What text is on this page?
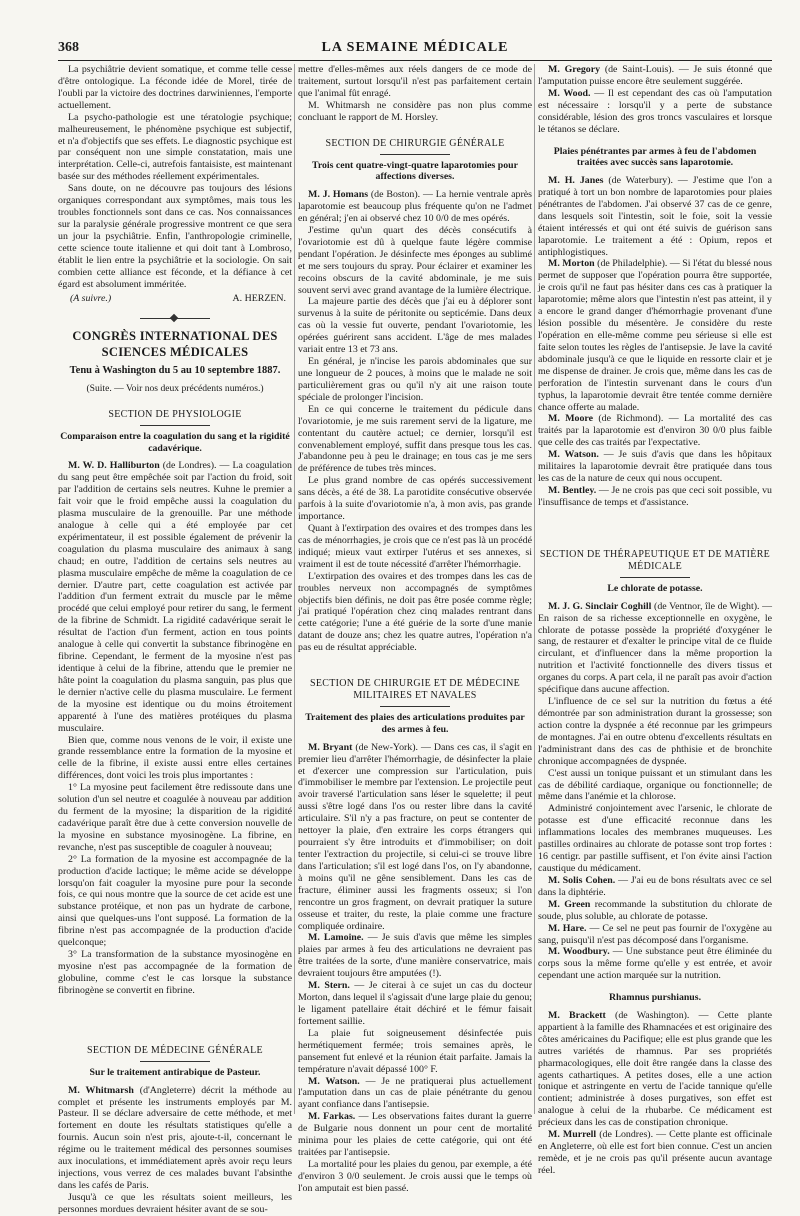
368	LA SEMAINE MÉDICALE

La psychiâtrie devient somatique, et comme telle cesse d'être ontologique. La féconde idée de Morel, tirée de l'oubli par la victoire des doctrines darwiniennes, l'emporte actuellement.

La psycho-pathologie est une tératologie psychique; malheureusement, le phénomène psychique est subjectif, et n'a d'objectifs que ses effets. Le diagnostic psychique est par conséquent non une simple constatation, mais une interprétation. Celle-ci, autrefois fantaisiste, est maintenant basée sur des méthodes réellement expérimentales.

Sans doute, on ne découvre pas toujours des lésions organiques correspondant aux symptômes, mais tous les troubles fonctionnels sont dans ce cas. Nos connaissances sur la paralysie générale progressive montrent ce que sera un jour la psychiâtrie. Enfin, l'anthropologie criminelle, cette science toute italienne et qui doit tant à Lombroso, établit le lien entre la psychiâtrie et la sociologie. On sait combien cette alliance est féconde, et la défiance à cet égard est absolument imméritée.

(A suivre.)	A. HERZEN.
CONGRÈS INTERNATIONAL DES SCIENCES MÉDICALES
Tenu à Washington du 5 au 10 septembre 1887.
(Suite. — Voir nos deux précédents numéros.)
SECTION DE PHYSIOLOGIE
Comparaison entre la coagulation du sang et la rigidité cadavérique.

M. W. D. Halliburton (de Londres). — La coagulation du sang peut être empêchée soit par l'action du froid, soit par l'addition de certains sels neutres. Kuhne le premier a fait voir que le froid empêche aussi la coagulation du plasma musculaire de la grenouille. Par une méthode analogue à celle qui a été employée par cet expérimentateur, il est possible également de prévenir la coagulation du plasma musculaire des animaux à sang chaud; en outre, l'addition de certains sels neutres au plasma musculaire empêche de même la coagulation de ce dernier. D'autre part, cette coagulation est activée par l'addition d'un ferment extrait du muscle par le même procédé que celui employé pour retirer du sang, le ferment de la fibrine de Schmidt. La rigidité cadavérique serait le résultat de l'action d'un ferment, action en tous points analogue à celle qui convertit la substance fibrinogène en fibrine. Cependant, le ferment de la myosine n'est pas identique à celui de la fibrine, attendu que le premier ne hâte point la coagulation du plasma sanguin, pas plus que le dernier n'active celle du plasma musculaire. Le ferment de la myosine est identique ou du moins étroitement apparenté à l'une des matières protéiques du plasma musculaire.

Bien que, comme nous venons de le voir, il existe une grande ressemblance entre la formation de la myosine et celle de la fibrine, il existe aussi entre elles certaines différences, dont voici les trois plus importantes :

1° La myosine peut facilement être redissoute dans une solution d'un sel neutre et coagulée à nouveau par addition du ferment de la myosine; la disparition de la rigidité cadavérique paraît être due à cette conversion nouvelle de la myosine en substance myosinogène. La fibrine, en revanche, n'est pas susceptible de coaguler à nouveau;

2° La formation de la myosine est accompagnée de la production d'acide lactique; le même acide se développe lorsqu'on fait coaguler la myosine pure pour la seconde fois, ce qui nous montre que la source de cet acide est une substance protéique, et non pas un hydrate de carbone, ainsi que quelques-uns l'ont supposé. La formation de la fibrine n'est pas accompagnée de la production d'acide quelconque;

3° La transformation de la substance myosinogène en myosine n'est pas accompagnée de la formation de globuline, comme c'est le cas lorsque la substance fibrinogène se convertit en fibrine.

SECTION DE MÉDECINE GÉNÉRALE
Sur le traitement antirabique de Pasteur.

M. Whitmarsh (d'Angleterre) décrit la méthode au complet et présente les instruments employés par M. Pasteur. Il se déclare adversaire de cette méthode, et met fortement en doute les résultats statistiques qu'elle a fournis. Aucun soin n'est pris, ajoute-t-il, concernant le régime ou le traitement médical des personnes soumises aux inoculations, et immédiatement après avoir reçu leurs injections, vous verrez de ces malades buvant l'absinthe dans les cafés de Paris.

Jusqu'à ce que les résultats soient meilleurs, les personnes mordues devraient hésiter avant de se sou-

mettre d'elles-mêmes aux réels dangers de ce mode de traitement, surtout lorsqu'il n'est pas parfaitement certain que l'animal fût enragé.

M. Whitmarsh ne considère pas non plus comme concluant le rapport de M. Horsley.

SECTION DE CHIRURGIE GÉNÉRALE
Trois cent quatre-vingt-quatre laparotomies pour affections diverses.

M. J. Homans (de Boston). — La hernie ventrale après laparotomie est beaucoup plus fréquente qu'on ne l'admet en général; j'en ai observé chez 10 0/0 de mes opérés.

J'estime qu'un quart des décès consécutifs à l'ovariotomie est dû à quelque faute légère commise pendant l'opération. Je désinfecte mes éponges au sublimé et me sers toujours du spray. Pour éclairer et examiner les recoins obscurs de la cavité abdominale, je me suis souvent servi avec grand avantage de la lumière électrique.

La majeure partie des décès que j'ai eu à déplorer sont survenus à la suite de péritonite ou septicémie. Dans deux cas où la vessie fut ouverte, pendant l'ovariotomie, les opérées guérirent sans accident. L'âge de mes malades variait entre 13 et 73 ans.

En général, je n'incise les parois abdominales que sur une longueur de 2 pouces, à moins que le malade ne soit particulièrement gras ou qu'il n'y ait une raison toute spéciale de prolonger l'incision.

En ce qui concerne le traitement du pédicule dans l'ovariotomie, je me suis rarement servi de la ligature, me contentant du cautère actuel; ce dernier, lorsqu'il est convenablement employé, suffit dans presque tous les cas. J'abandonne peu à peu le drainage; en tous cas je me sers de préférence de tubes très minces.

Le plus grand nombre de cas opérés successivement sans décès, a été de 38. La parotidite consécutive observée parfois à la suite d'ovariotomie n'a, à mon avis, pas grande importance.

Quant à l'extirpation des ovaires et des trompes dans les cas de ménorrhagies, je crois que ce n'est pas là un procédé indiqué; mieux vaut extirper l'utérus et ses annexes, si vraiment il est de toute nécessité d'arrêter l'hémorrhagie.

L'extirpation des ovaires et des trompes dans les cas de troubles nerveux non accompagnés de symptômes objectifs bien définis, ne doit pas être posée comme règle; j'ai pratiqué l'opération chez cinq malades rentrant dans cette catégorie; l'une a été guérie de la sorte d'une manie datant de douze ans; chez les quatre autres, l'opération n'a pas eu de résultat appréciable.

SECTION DE CHIRURGIE ET DE MÉDECINE MILITAIRES ET NAVALES
Traitement des plaies des articulations produites par des armes à feu.

M. Bryant (de New-York). — Dans ces cas, il s'agit en premier lieu d'arrêter l'hémorrhagie, de désinfecter la plaie et d'exercer une compression sur l'articulation, puis d'immobiliser le membre par l'extension. Le projectile peut avoir traversé l'articulation sans léser le squelette; il peut aussi s'être logé dans l'os ou rester libre dans la cavité articulaire. S'il n'y a pas fracture, on peut se contenter de nettoyer la plaie, d'en extraire les corps étrangers qui pourraient s'y être introduits et d'immobiliser; on doit tenter l'extraction du projectile, si celui-ci se trouve libre dans l'articulation; s'il est logé dans l'os, on l'y abandonne, à moins qu'il ne gêne sensiblement. Dans les cas de fracture, éliminer aussi les fragments osseux; si l'on rencontre un gros fragment, on devrait pratiquer la suture osseuse et traiter, du reste, la plaie comme une fracture compliquée ordinaire.

M. Lamoine. — Je suis d'avis que même les simples plaies par armes à feu des articulations ne devraient pas être traitées de la sorte, d'une manière conservatrice, mais devraient toujours être amputées (!).

M. Stern. — Je citerai à ce sujet un cas du docteur Morton, dans lequel il s'agissait d'une large plaie du genou; le ligament patellaire était déchiré et le fémur faisait fortement saillie.

La plaie fut soigneusement désinfectée puis hermétiquement fermée; trois semaines après, le pansement fut enlevé et la réunion était parfaite. Jamais la température n'avait dépassé 100° F.

M. Watson. — Je ne pratiquerai plus actuellement l'amputation dans un cas de plaie pénétrante du genou ayant confiance dans l'antisepsie.

M. Farkas. — Les observations faites durant la guerre de Bulgarie nous donnent un pour cent de mortalité minima pour les plaies de cette catégorie, qui ont été traitées par l'antisepsie.

La mortalité pour les plaies du genou, par exemple, a été d'environ 3 0/0 seulement. Je crois aussi que le temps où l'on amputait est bien passé.

M. Gregory (de Saint-Louis). — Je suis étonné que l'amputation puisse encore être seulement suggérée.

M. Wood. — Il est cependant des cas où l'amputation est nécessaire : lorsqu'il y a perte de substance considérable, lésion des gros troncs vasculaires et lorsque le tétanos se déclare.

Plaies pénétrantes par armes à feu de l'abdomen traitées avec succès sans laparotomie.

M. H. Janes (de Waterbury). — J'estime que l'on a pratiqué à tort un bon nombre de laparotomies pour plaies pénétrantes de l'abdomen. J'ai observé 37 cas de ce genre, dans lesquels soit l'intestin, soit le foie, soit la vessie étaient intéressés et qui ont été suivis de guérison sans laparotomie. Le traitement a été : Opium, repos et antiphlogistiques.

M. Morton (de Philadelphie). — Si l'état du blessé nous permet de supposer que l'opération pourra être supportée, je crois qu'il ne faut pas hésiter dans ces cas à pratiquer la laparotomie; même alors que l'intestin n'est pas atteint, il y a encore le grand danger d'hémorrhagie provenant d'une lésion possible du mésentère. Je considère du reste l'opération en elle-même comme peu sérieuse si elle est faite selon toutes les règles de l'antisepsie. Je lave la cavité abdominale jusqu'à ce que le liquide en ressorte clair et je me dispense de drainer. Je crois que, même dans les cas de perforation de l'intestin survenant dans le cours d'un typhus, la laparotomie devrait être tentée comme dernière chance offerte au malade.

M. Moore (de Richmond). — La mortalité des cas traités par la laparotomie est d'environ 30 0/0 plus faible que celle des cas traités par l'expectative.

M. Watson. — Je suis d'avis que dans les hôpitaux militaires la laparotomie devrait être pratiquée dans tous les cas de la nature de ceux qui nous occupent.

M. Bentley. — Je ne crois pas que ceci soit possible, vu l'insuffisance de temps et d'assistance.

SECTION DE THÉRAPEUTIQUE ET DE MATIÈRE MÉDICALE
Le chlorate de potasse.

M. J. G. Sinclair Coghill (de Ventnor, île de Wight). — En raison de sa richesse exceptionnelle en oxygène, le chlorate de potasse possède la propriété d'oxygéner le sang, de restaurer et d'exalter le principe vital de ce fluide circulant, et d'influencer dans la même proportion la nutrition et l'activité fonctionnelle des divers tissus et organes du corps. A part cela, il ne paraît pas avoir d'action spécifique dans aucune affection.

L'influence de ce sel sur la nutrition du fœtus a été démontrée par son administration durant la grossesse; son action contre la dyspnée a été reconnue par les grimpeurs de montagnes. J'ai en outre obtenu d'excellents résultats en l'administrant dans des cas de phthisie et de bronchite chronique accompagnées de dyspnée.

C'est aussi un tonique puissant et un stimulant dans les cas de débilité cardiaque, organique ou fonctionnelle; de même dans l'anémie et la chlorose.

Administré conjointement avec l'arsenic, le chlorate de potasse est d'une efficacité reconnue dans les inflammations locales des membranes muqueuses. Les pastilles ordinaires au chlorate de potasse sont trop fortes : 16 centigr. par pastille suffisent, et l'on évite ainsi l'action caustique du médicament.

M. Solis Cohen. — J'ai eu de bons résultats avec ce sel dans la diphtérie.

M. Green recommande la substitution du chlorate de soude, plus soluble, au chlorate de potasse.

M. Hare. — Ce sel ne peut pas fournir de l'oxygène au sang, puisqu'il n'est pas décomposé dans l'organisme.

M. Woodbury. — Une substance peut être éliminée du corps sous la même forme qu'elle y est entrée, et avoir cependant une action marquée sur la nutrition.

Rhamnus purshianus.

M. Brackett (de Washington). — Cette plante appartient à la famille des Rhamnacées et est originaire des côtes américaines du Pacifique; elle est plus grande que les autres variétés de rhamnus. Par ses propriétés pharmacologiques, elle doit être rangée dans la classe des agents cathartiques. A petites doses, elle a une action tonique et astringente en vertu de l'acide tannique qu'elle contient; administrée à doses purgatives, son effet est analogue à celui de la rhubarbe. Ce médicament est précieux dans les cas de constipation chronique.

M. Murrell (de Londres). — Cette plante est officinale en Angleterre, où elle est fort bien connue. C'est un ancien remède, et je ne crois pas qu'il présente aucun avantage réel.
